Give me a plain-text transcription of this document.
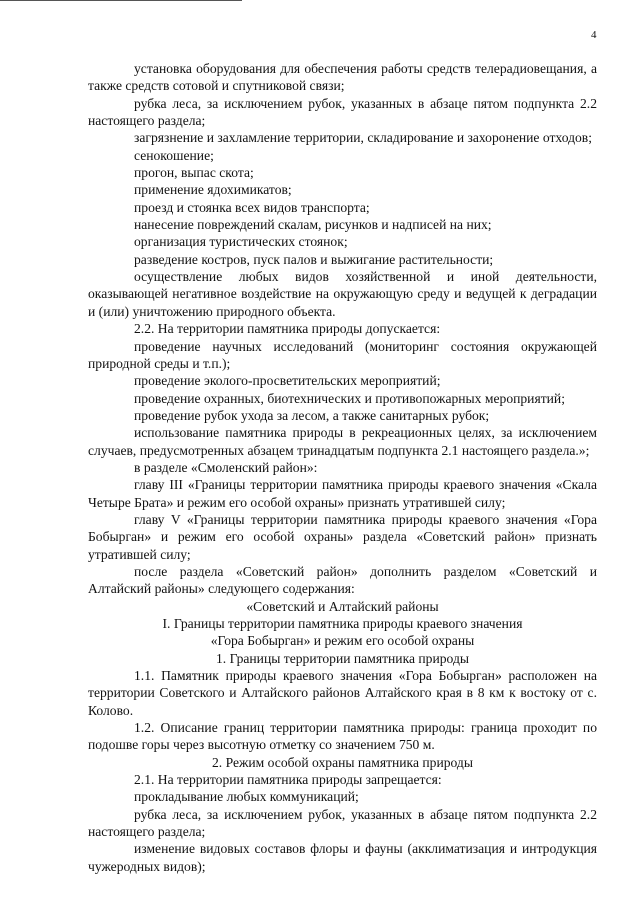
4

установка оборудования для обеспечения работы средств телерадиовещания, а также средств сотовой и спутниковой связи;

рубка леса, за исключением рубок, указанных в абзаце пятом подпункта 2.2 настоящего раздела;

загрязнение и захламление территории, складирование и захоронение отходов;

сенокошение;

прогон, выпас скота;

применение ядохимикатов;

проезд и стоянка всех видов транспорта;

нанесение повреждений скалам, рисунков и надписей на них;

организация туристических стоянок;

разведение костров, пуск палов и выжигание растительности;

осуществление любых видов хозяйственной и иной деятельности, оказывающей негативное воздействие на окружающую среду и ведущей к деградации и (или) уничтожению природного объекта.

2.2. На территории памятника природы допускается:

проведение научных исследований (мониторинг состояния окружающей природной среды и т.п.);

проведение эколого-просветительских мероприятий;

проведение охранных, биотехнических и противопожарных мероприятий;

проведение рубок ухода за лесом, а также санитарных рубок;

использование памятника природы в рекреационных целях, за исключением случаев, предусмотренных абзацем тринадцатым подпункта 2.1 настоящего раздела.»;

в разделе «Смоленский район»:

главу III «Границы территории памятника природы краевого значения «Скала Четыре Брата» и режим его особой охраны» признать утратившей силу;

главу V «Границы территории памятника природы краевого значения «Гора Бобырган» и режим его особой охраны» раздела «Советский район» признать утратившей силу;

после раздела «Советский район» дополнить разделом «Советский и Алтайский районы» следующего содержания:

«Советский и Алтайский районы

I. Границы территории памятника природы краевого значения

«Гора Бобырган» и режим его особой охраны

1. Границы территории памятника природы

1.1. Памятник природы краевого значения «Гора Бобырган» расположен на территории Советского и Алтайского районов Алтайского края в 8 км к востоку от с. Колово.

1.2. Описание границ территории памятника природы: граница проходит по подошве горы через высотную отметку со значением 750 м.

2. Режим особой охраны памятника природы

2.1. На территории памятника природы запрещается:

прокладывание любых коммуникаций;

рубка леса, за исключением рубок, указанных в абзаце пятом подпункта 2.2 настоящего раздела;

изменение видовых составов флоры и фауны (акклиматизация и интродукция чужеродных видов);
